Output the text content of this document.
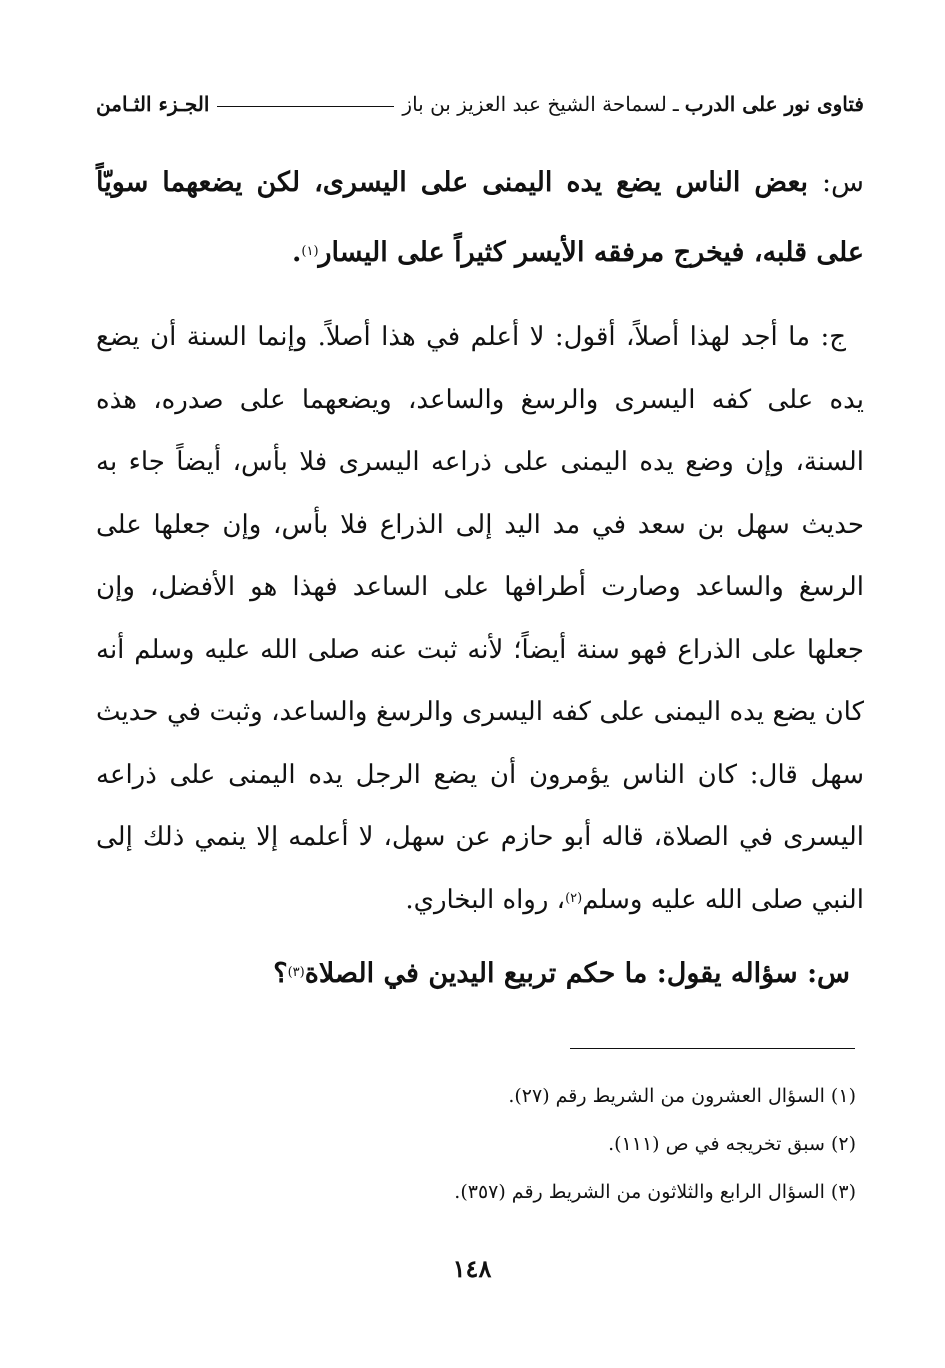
فتاوى نور على الدرب
ـ
لسماحة الشيخ عبد العزيز بن باز
الجـزء الثـامن

س: بعض الناس يضع يده اليمنى على اليسرى، لكن يضعهما سويّاً على قلبه، فيخرج مرفقه الأيسر كثيراً على اليسار$^{(١)}$.

ج: ما أجد لهذا أصلاً، أقول: لا أعلم في هذا أصلاً. وإنما السنة أن يضع يده على كفه اليسرى والرسغ والساعد، ويضعهما على صدره، هذه السنة، وإن وضع يده اليمنى على ذراعه اليسرى فلا بأس، أيضاً جاء به حديث سهل بن سعد في مد اليد إلى الذراع فلا بأس، وإن جعلها على الرسغ والساعد وصارت أطرافها على الساعد فهذا هو الأفضل، وإن جعلها على الذراع فهو سنة أيضاً؛ لأنه ثبت عنه صلى الله عليه وسلم أنه كان يضع يده اليمنى على كفه اليسرى والرسغ والساعد، وثبت في حديث سهل قال: كان الناس يؤمرون أن يضع الرجل يده اليمنى على ذراعه اليسرى في الصلاة، قاله أبو حازم عن سهل، لا أعلمه إلا ينمي ذلك إلى النبي صلى الله عليه وسلم$^{(٢)}$، رواه البخاري.

س: سؤاله يقول: ما حكم تربيع اليدين في الصلاة$^{(٣)}$؟

(١) السؤال العشرون من الشريط رقم (٢٧).
(٢) سبق تخريجه في ص (١١١).
(٣) السؤال الرابع والثلاثون من الشريط رقم (٣٥٧).
١٤٨
